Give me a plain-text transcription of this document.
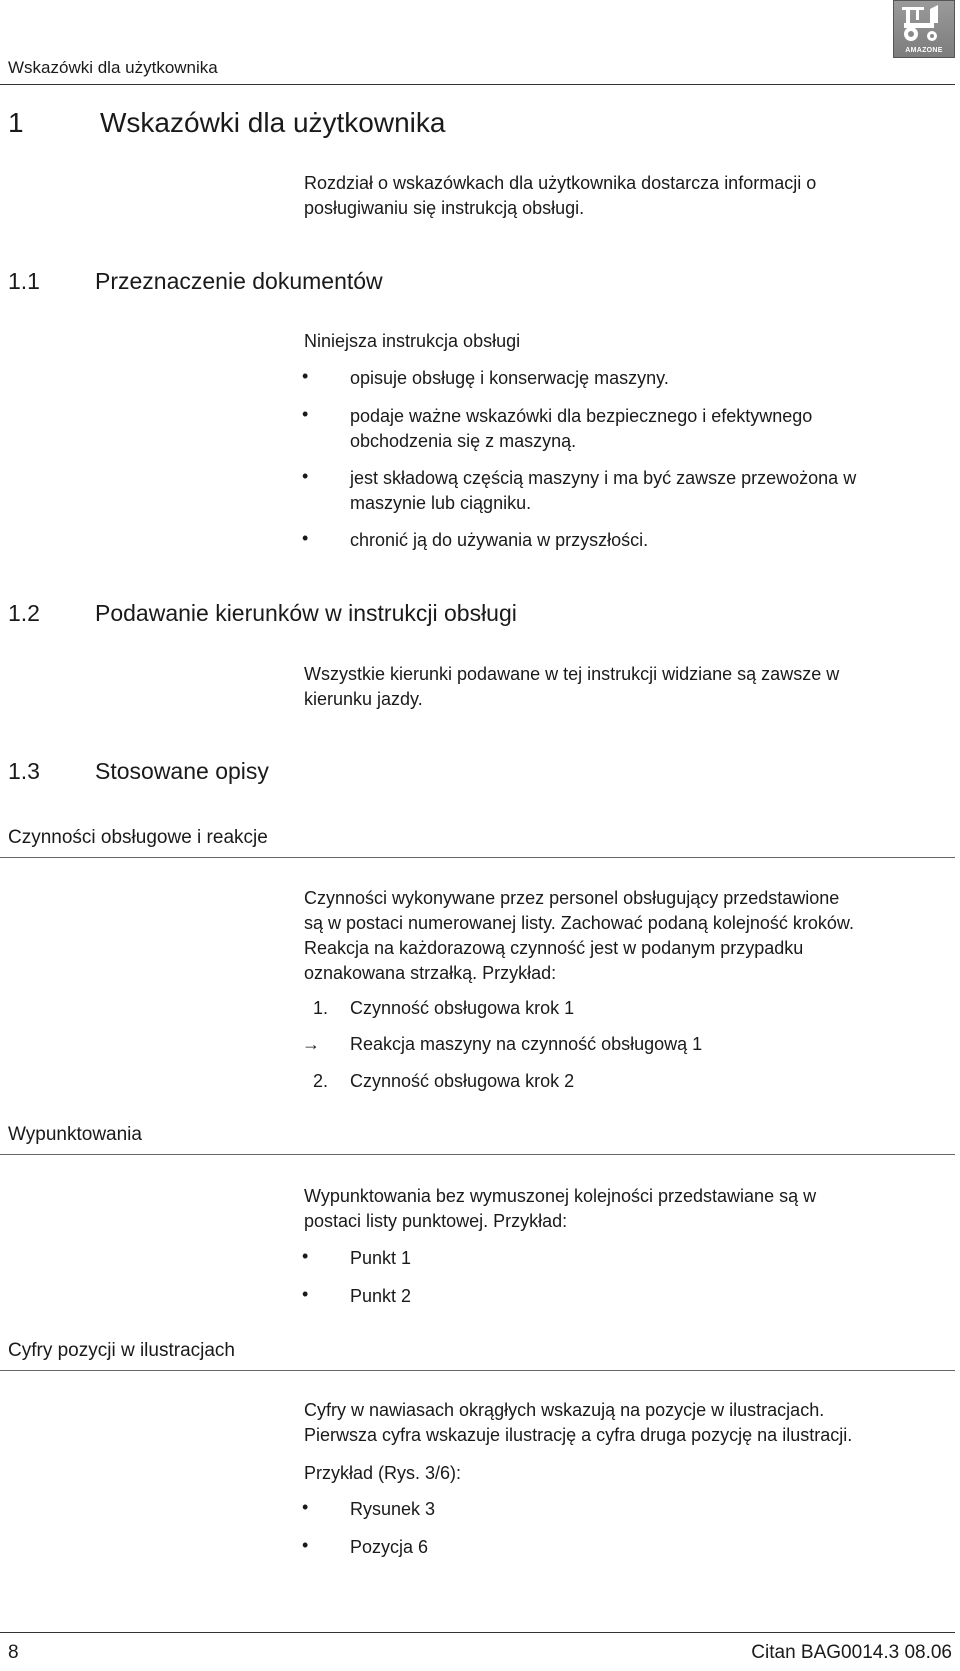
Wskazówki dla użytkownika
AMAZONE
1	Wskazówki dla użytkownika
Rozdział o wskazówkach dla użytkownika dostarcza informacji o
posługiwaniu się instrukcją obsługi.
1.1 Przeznaczenie dokumentów
Niniejsza instrukcja obsługi
• opisuje obsługę i konserwację maszyny.
• podaje ważne wskazówki dla bezpiecznego i efektywnego
obchodzenia się z maszyną.
• jest składową częścią maszyny i ma być zawsze przewożona w
maszynie lub ciągniku.
• chronić ją do używania w przyszłości.
1.2 Podawanie kierunków w instrukcji obsługi
Wszystkie kierunki podawane w tej instrukcji widziane są zawsze w
kierunku jazdy.
1.3 Stosowane opisy
Czynności obsługowe i reakcje
Czynności wykonywane przez personel obsługujący przedstawione
są w postaci numerowanej listy. Zachować podaną kolejność kroków.
Reakcja na każdorazową czynność jest w podanym przypadku
oznakowana strzałką. Przykład:
1. Czynność obsługowa krok 1
→ Reakcja maszyny na czynność obsługową 1
2. Czynność obsługowa krok 2
Wypunktowania
Wypunktowania bez wymuszonej kolejności przedstawiane są w
postaci listy punktowej. Przykład:
• Punkt 1
• Punkt 2
Cyfry pozycji w ilustracjach
Cyfry w nawiasach okrągłych wskazują na pozycje w ilustracjach.
Pierwsza cyfra wskazuje ilustrację a cyfra druga pozycję na ilustracji.
Przykład (Rys. 3/6):
• Rysunek 3
• Pozycja 6
8	Citan BAG0014.3 08.06
